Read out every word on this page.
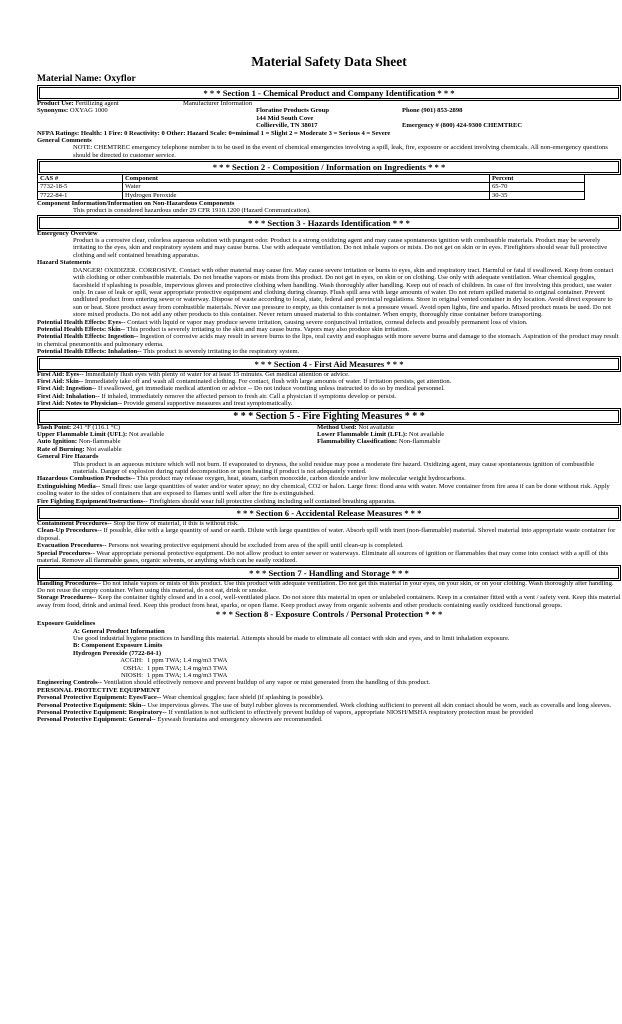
Material Safety Data Sheet
Material Name: Oxyflor
* * * Section 1 - Chemical Product and Company Identification * * *
Product Use: Fertilizing agent	Manufacturer Information
Synonyms: OXYAG 1000	Floratine Products Group	Phone (901) 853-2898
144 Mid South Cove
Collierville, TN 38017	Emergency # (800) 424-9300 CHEMTREC
NFPA Ratings: Health: 1 Fire: 0 Reactivity: 0 Other: Hazard Scale: 0=minimal 1 = Slight 2 = Moderate 3 = Serious 4 = Severe
General Comments

NOTE: CHEMTREC emergency telephone number is to be used in the event of chemical emergencies involving a spill, leak, fire, exposure or accident involving chemicals. All non-emergency questions should be directed to customer service.

* * * Section 2 - Composition / Information on Ingredients * * *
CAS #	Component	Percent
7732-18-5	Water	65-70
7722-84-1	Hydrogen Peroxide	30-35
Component Information/Information on Non-Hazardous Components

This product is considered hazardous under 29 CFR 1910.1200 (Hazard Communication).

* * * Section 3 - Hazards Identification * * *
Emergency Overview

Product is a corrosive clear, colorless aqueous solution with pungent odor. Product is a strong oxidizing agent and may cause spontaneous ignition with combustible materials. Product may be severely irritating to the eyes, skin and respiratory system and may cause burns. Use with adequate ventilation. Do not inhale vapors or mists. Do not get on skin or in eyes. Firefighters should wear full protective clothing and self contained breathing apparatus.

Hazard Statements

DANGER! OXIDIZER. CORROSIVE. Contact with other material may cause fire. May cause severe irritation or burns to eyes, skin and respiratory tract. Harmful or fatal if swallowed. Keep from contact with clothing or other combustible materials. Do not breathe vapors or mists from this product. Do not get in eyes, on skin or on clothing. Use only with adequate ventilation. Wear chemical goggles, faceshield if splashing is possible, impervious gloves and protective clothing when handling. Wash thoroughly after handling. Keep out of reach of children. In case of fire involving this product, use water only. In case of leak or spill, wear appropriate protective equipment and clothing during cleanup. Flush spill area with large amounts of water. Do not return spilled material to original container. Prevent undiluted product from entering sewer or waterway. Dispose of waste according to local, state, federal and provincial regulations. Store in original vented container in dry location. Avoid direct exposure to sun or heat. Store product away from combustible materials. Never use pressure to empty, as this container is not a pressure vessel. Avoid open lights, fire and sparks. Mixed product musts be used. Do not store mixed products. Do not add any other products to this container. Never return unused material to this container. When empty, thoroughly rinse container before transporting.

Potential Health Effects: Eyes-- Contact with liquid or vapor may produce severe irritation, causing severe conjunctival irritation, corneal defects and possibly permanent loss of vision.

Potential Health Effects: Skin-- This product is severely irritating to the skin and may cause burns. Vapors may also produce skin irritation.

Potential Health Effects: Ingestion-- Ingestion of corrosive acids may result in severe burns to the lips, oral cavity and esophagus with more severe burns and damage to the stomach. Aspiration of the product may result in chemical pneumonitis and pulmonary edema.

Potential Health Effects: Inhalation-- This product is severely irritating to the respiratory system.

* * * Section 4 - First Aid Measures * * *

First Aid: Eyes-- Immediately flush eyes with plenty of water for at least 15 minutes. Get medical attention or advice.

First Aid: Skin-- Immediately take off and wash all contaminated clothing. For contact, flush with large amounts of water. If irritation persists, get attention.

First Aid: Ingestion-- If swallowed, get immediate medical attention or advice -- Do not induce vomiting unless instructed to do so by medical personnel.

First Aid: Inhalation-- If inhaled, immediately remove the affected person to fresh air. Call a physician if symptoms develop or persist.

First Aid: Notes to Physician-- Provide general supportive measures and treat symptomatically.

* * * Section 5 - Fire Fighting Measures * * *
Flash Point: 241 °F (116.1 °C)	Method Used: Not available
Upper Flammable Limit (UFL): Not available	Lower Flammable Limit (LFL): Not available
Auto Ignition: Non-flammable	Flammability Classification: Non-flammable
Rate of Burning: Not available
General Fire Hazards

This product is an aqueous mixture which will not burn. If evaporated to dryness, the solid residue may pose a moderate fire hazard. Oxidizing agent, may cause spontaneous ignition of combustible materials. Danger of explosion during rapid decomposition or upon heating if product is not adequately vented.

Hazardous Combustion Products-- This product may release oxygen, heat, steam, carbon monoxide, carbon dioxide and/or low molecular weight hydrocarbons.

Extinguishing Media-- Small fires: use large quantities of water and/or water spray; no dry chemical, CO2 or halon. Large fires: flood area with water. Move container from fire area if can be done without risk. Apply cooling water to the sides of containers that are exposed to flames until well after the fire is extinguished.

Fire Fighting Equipment/Instructions-- Firefighters should wear full protective clothing including self contained breathing apparatus.

* * * Section 6 - Accidental Release Measures * * *

Containment Procedures-- Stop the flow of material, if this is without risk.

Clean-Up Procedures-- If possible, dike with a large quantity of sand or earth. Dilute with large quantities of water. Absorb spill with inert (non-flammable) material. Shovel material into appropriate waste container for disposal.

Evacuation Procedures-- Persons not wearing protective equipment should be excluded from area of the spill until clean-up is completed.

Special Procedures-- Wear appropriate personal protective equipment. Do not allow product to enter sewer or waterways. Eliminate all sources of ignition or flammables that may come into contact with a spill of this material. Remove all flammable gases, organic solvents, or anything which can be easily oxidized.

* * * Section 7 - Handling and Storage * * *

Handling Procedures-- Do not inhale vapors or mists of this product. Use this product with adequate ventilation. Do not get this material in your eyes, on your skin, or on your clothing. Wash thoroughly after handling. Do not reuse the empty container. When using this material, do not eat, drink or smoke.

Storage Procedures-- Keep the container tightly closed and in a cool, well-ventilated place. Do not store this material in open or unlabeled containers. Keep in a container fitted with a vent / safety vent. Keep this material away from food, drink and animal feed. Keep this product from heat, sparks, or open flame. Keep product away from organic solvents and other products containing easily oxidized functional groups.

* * * Section 8 - Exposure Controls / Personal Protection * * *
Exposure Guidelines
A: General Product Information

Use good industrial hygiene practices in handling this material. Attempts should be made to eliminate all contact with skin and eyes, and to limit inhalation exposure.

B: Component Exposure Limits
Hydrogen Peroxide (7722-84-1)
ACGIH: 1 ppm TWA; 1.4 mg/m3 TWA
OSHA: 1 ppm TWA; 1.4 mg/m3 TWA
NIOSH: 1 ppm TWA; 1.4 mg/m3 TWA

Engineering Controls-- Ventilation should effectively remove and prevent buildup of any vapor or mist generated from the handling of this product.

PERSONAL PROTECTIVE EQUIPMENT

Personal Protective Equipment: Eyes/Face-- Wear chemical goggles; face shield (if splashing is possible).

Personal Protective Equipment: Skin-- Use impervious gloves. The use of butyl rubber gloves is recommended. Work clothing sufficient to prevent all skin contact should be worn, such as coveralls and long sleeves.

Personal Protective Equipment: Respiratory-- If ventilation is not sufficient to effectively prevent buildup of vapors, appropriate NIOSH/MSHA respiratory protection must be provided

Personal Protective Equipment: General-- Eyewash fountains and emergency showers are recommended.
